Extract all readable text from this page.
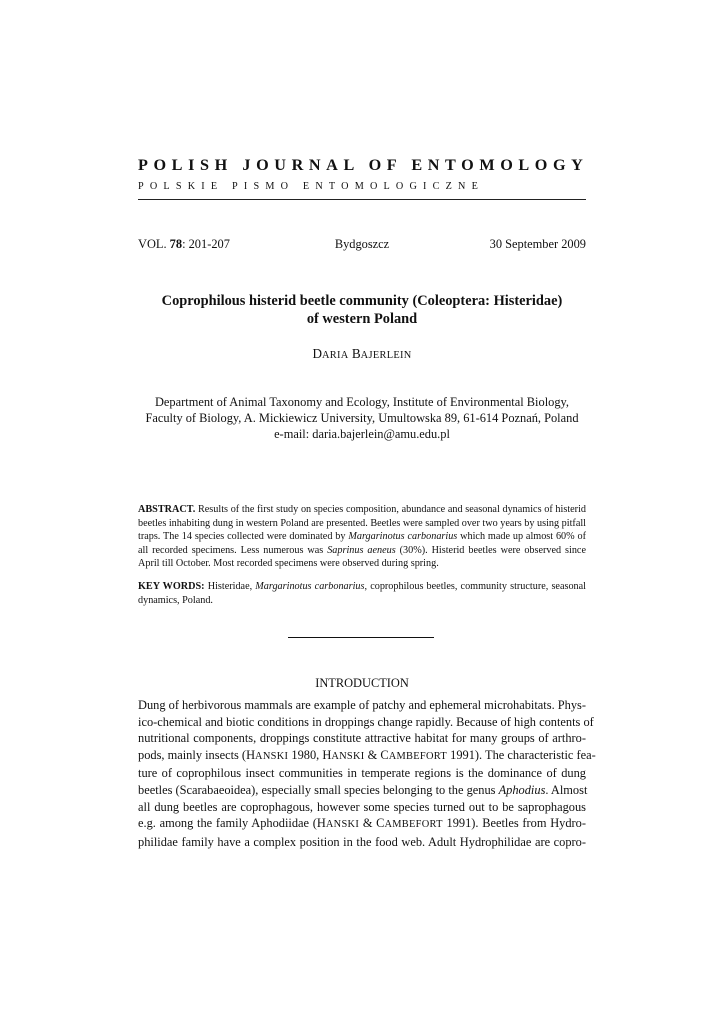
POLISH JOURNAL OF ENTOMOLOGY
POLSKIE PISMO ENTOMOLOGICZNE
VOL. 78: 201-207	Bydgoszcz	30 September 2009
Coprophilous histerid beetle community (Coleoptera: Histeridae)
of western Poland
DARIA BAJERLEIN
Department of Animal Taxonomy and Ecology, Institute of Environmental Biology,
Faculty of Biology, A. Mickiewicz University, Umultowska 89, 61-614 Poznań, Poland
e-mail: daria.bajerlein@amu.edu.pl
ABSTRACT. Results of the first study on species composition, abundance and seasonal dynamics of histerid beetles inhabiting dung in western Poland are presented. Beetles were sampled over two years by using pitfall traps. The 14 species collected were dominated by Margarinotus carbonarius which made up almost 60% of all recorded specimens. Less numerous was Saprinus aeneus (30%). Histerid beetles were observed since April till October. Most recorded specimens were observed during spring.
KEY WORDS: Histeridae, Margarinotus carbonarius, coprophilous beetles, community structure, seasonal dynamics, Poland.
INTRODUCTION
Dung of herbivorous mammals are example of patchy and ephemeral microhabitats. Phys-
ico-chemical and biotic conditions in droppings change rapidly. Because of high contents of
nutritional components, droppings constitute attractive habitat for many groups of arthro-
pods, mainly insects (HANSKI 1980, HANSKI & CAMBEFORT 1991). The characteristic fea-
ture of coprophilous insect communities in temperate regions is the dominance of dung
beetles (Scarabaeoidea), especially small species belonging to the genus Aphodius. Almost
all dung beetles are coprophagous, however some species turned out to be saprophagous
e.g. among the family Aphodiidae (HANSKI & CAMBEFORT 1991). Beetles from Hydro-
philidae family have a complex position in the food web. Adult Hydrophilidae are copro-
